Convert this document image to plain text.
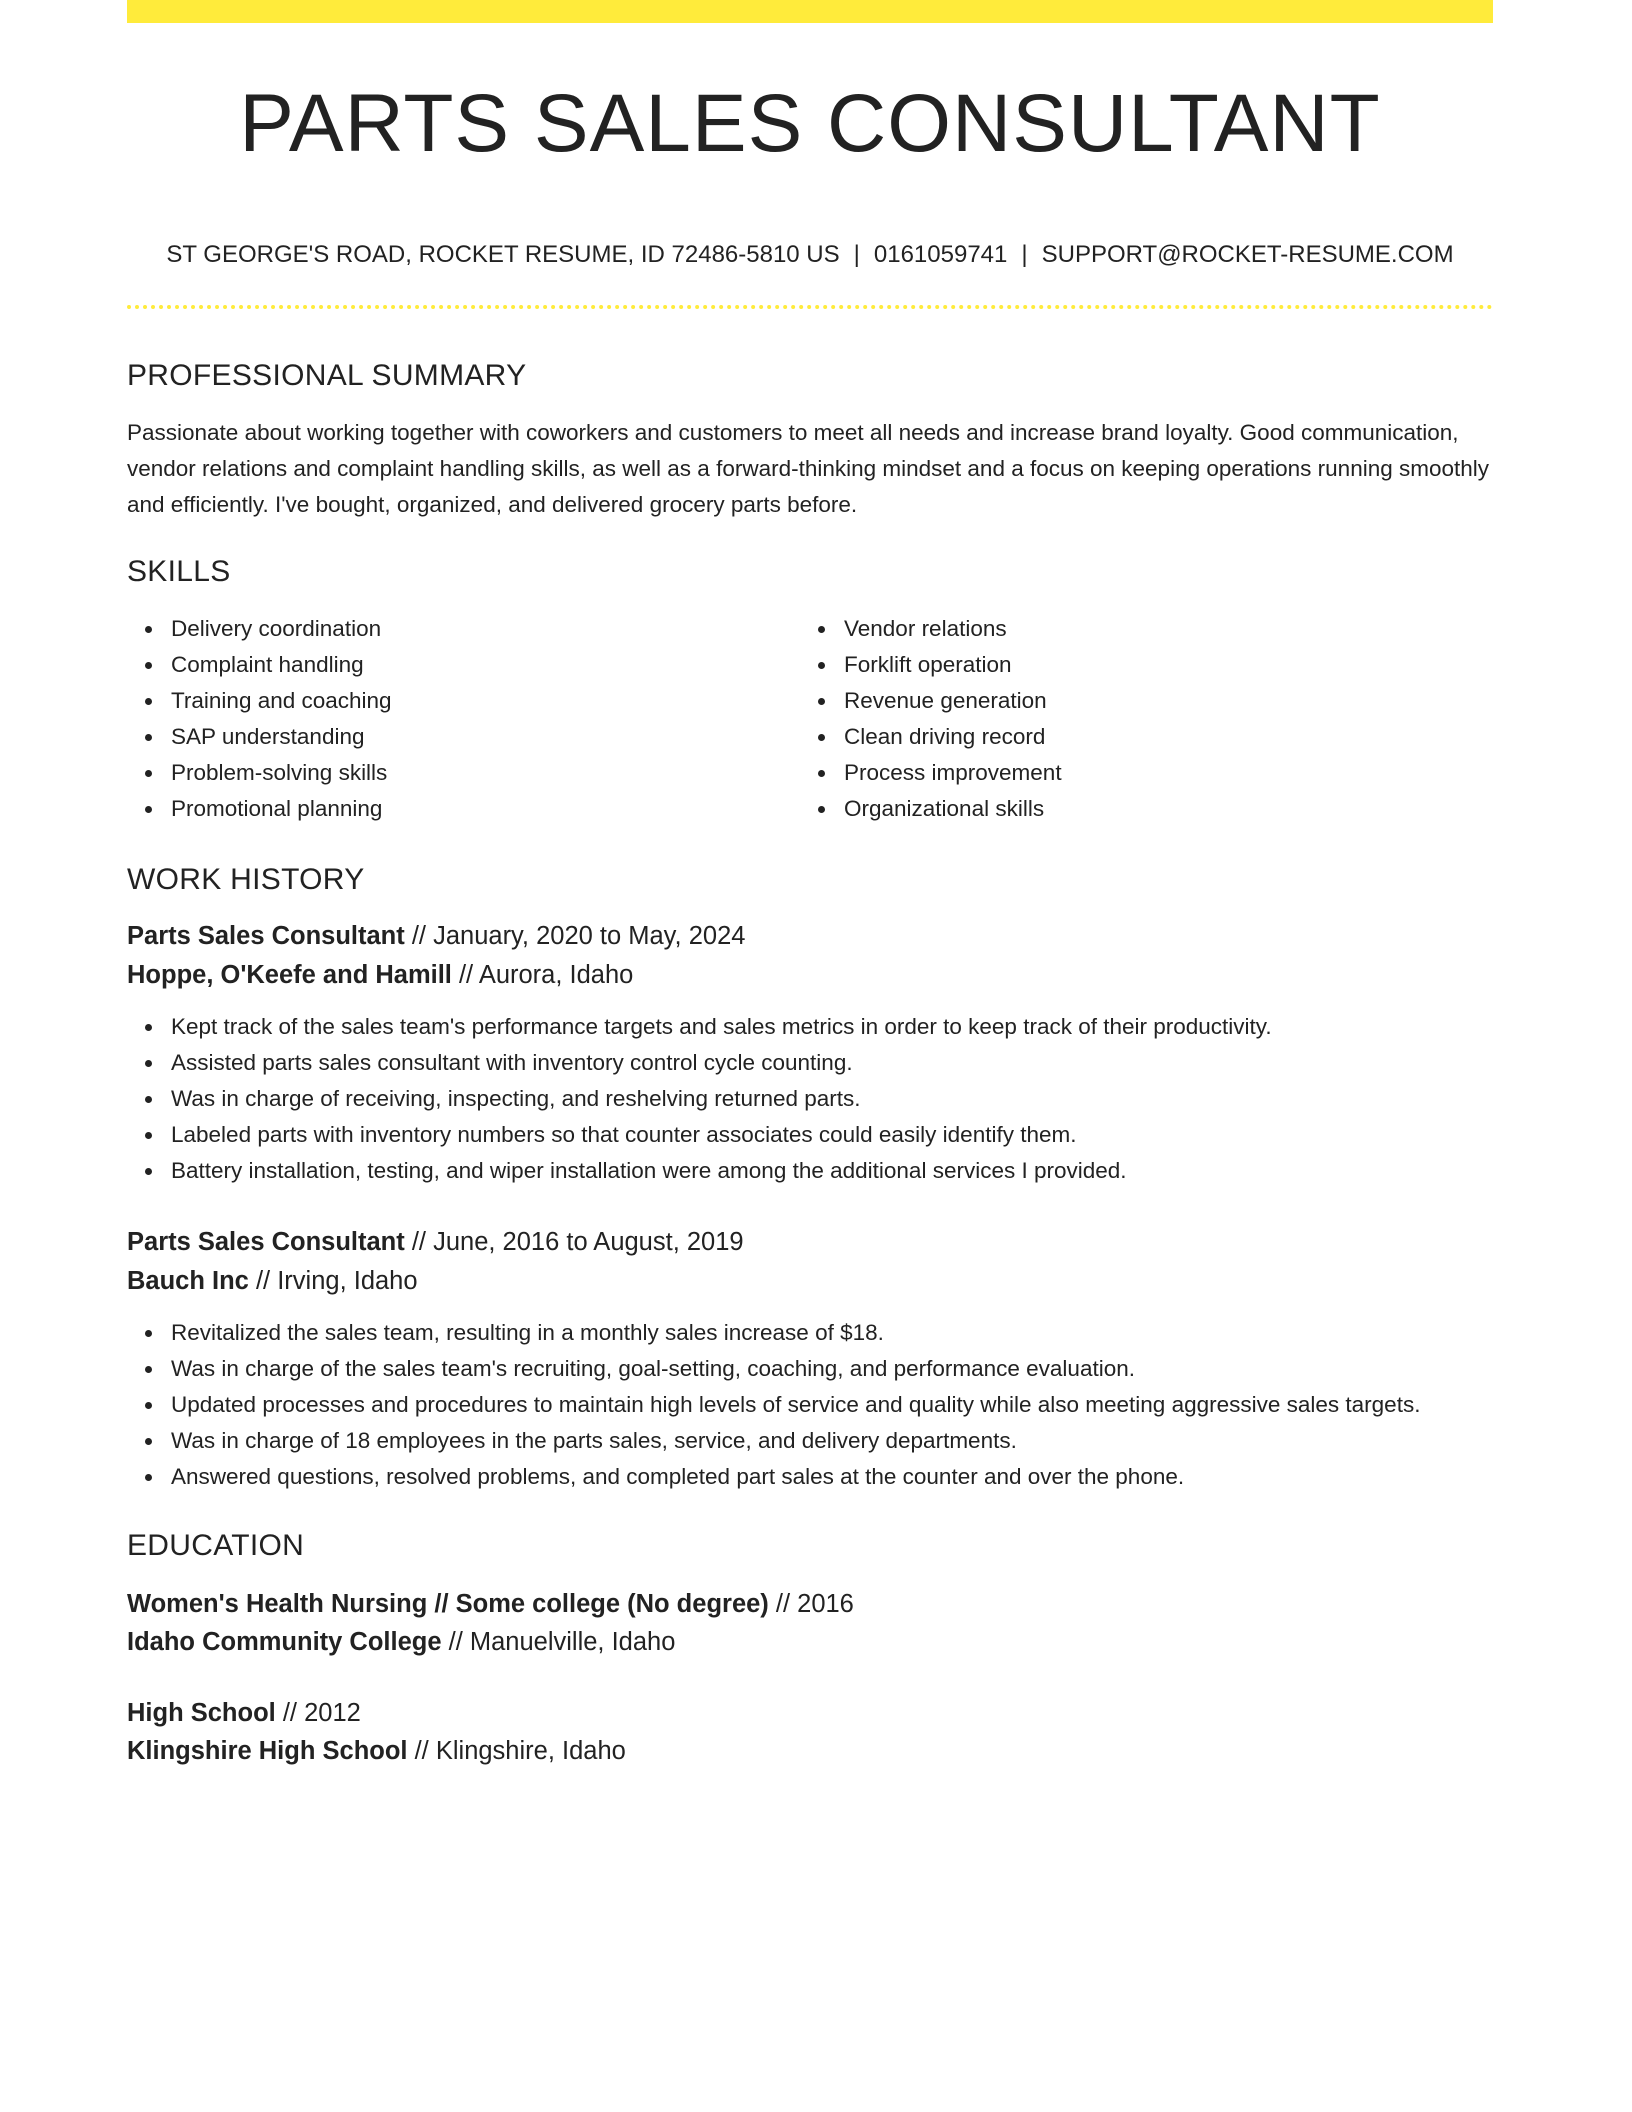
PARTS SALES CONSULTANT
ST GEORGE'S ROAD, ROCKET RESUME, ID 72486-5810 US | 0161059741 | SUPPORT@ROCKET-RESUME.COM
PROFESSIONAL SUMMARY

Passionate about working together with coworkers and customers to meet all needs and increase brand loyalty. Good communication, vendor relations and complaint handling skills, as well as a forward-thinking mindset and a focus on keeping operations running smoothly and efficiently. I've bought, organized, and delivered grocery parts before.

SKILLS
Delivery coordination
Complaint handling
Training and coaching
SAP understanding
Problem-solving skills
Promotional planning
Vendor relations
Forklift operation
Revenue generation
Clean driving record
Process improvement
Organizational skills
WORK HISTORY
Parts Sales Consultant // January, 2020 to May, 2024
Hoppe, O'Keefe and Hamill // Aurora, Idaho
Kept track of the sales team's performance targets and sales metrics in order to keep track of their productivity.
Assisted parts sales consultant with inventory control cycle counting.
Was in charge of receiving, inspecting, and reshelving returned parts.
Labeled parts with inventory numbers so that counter associates could easily identify them.
Battery installation, testing, and wiper installation were among the additional services I provided.
Parts Sales Consultant // June, 2016 to August, 2019
Bauch Inc // Irving, Idaho
Revitalized the sales team, resulting in a monthly sales increase of $18.
Was in charge of the sales team's recruiting, goal-setting, coaching, and performance evaluation.
Updated processes and procedures to maintain high levels of service and quality while also meeting aggressive sales targets.
Was in charge of 18 employees in the parts sales, service, and delivery departments.
Answered questions, resolved problems, and completed part sales at the counter and over the phone.
EDUCATION
Women's Health Nursing // Some college (No degree) // 2016
Idaho Community College // Manuelville, Idaho
High School // 2012
Klingshire High School // Klingshire, Idaho
